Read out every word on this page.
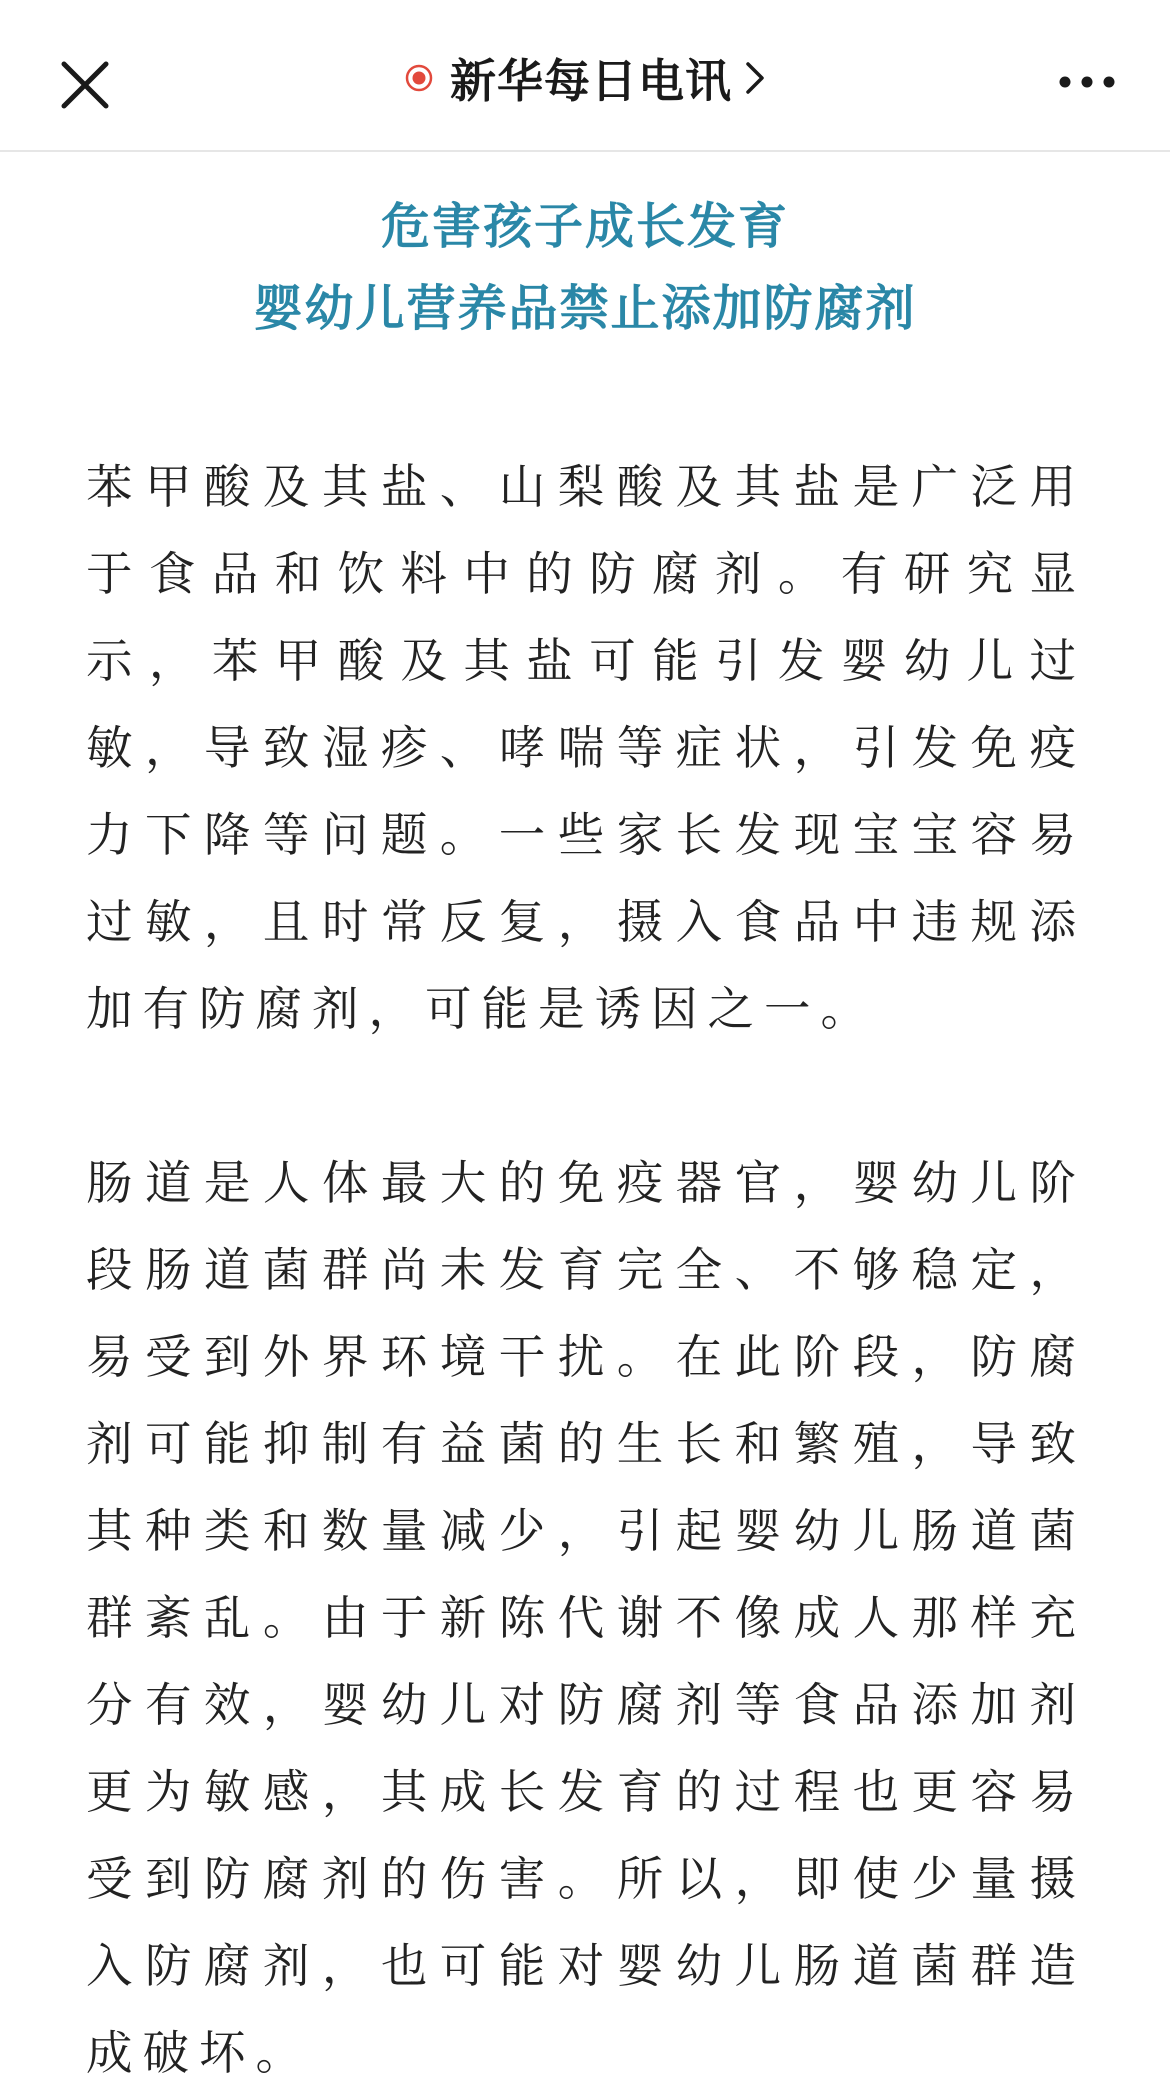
新华每日电讯
危害孩子成长发育
婴幼儿营养品禁止添加防腐剂

苯甲酸及其盐、山梨酸及其盐是广泛用于食品和饮料中的防腐剂。有研究显示，苯甲酸及其盐可能引发婴幼儿过敏，导致湿疹、哮喘等症状，引发免疫力下降等问题。一些家长发现宝宝容易过敏，且时常反复，摄入食品中违规添加有防腐剂，可能是诱因之一。

肠道是人体最大的免疫器官，婴幼儿阶段肠道菌群尚未发育完全、不够稳定，易受到外界环境干扰。在此阶段，防腐剂可能抑制有益菌的生长和繁殖，导致其种类和数量减少，引起婴幼儿肠道菌群紊乱。由于新陈代谢不像成人那样充分有效，婴幼儿对防腐剂等食品添加剂更为敏感，其成长发育的过程也更容易受到防腐剂的伤害。所以，即使少量摄入防腐剂，也可能对婴幼儿肠道菌群造成破坏。
